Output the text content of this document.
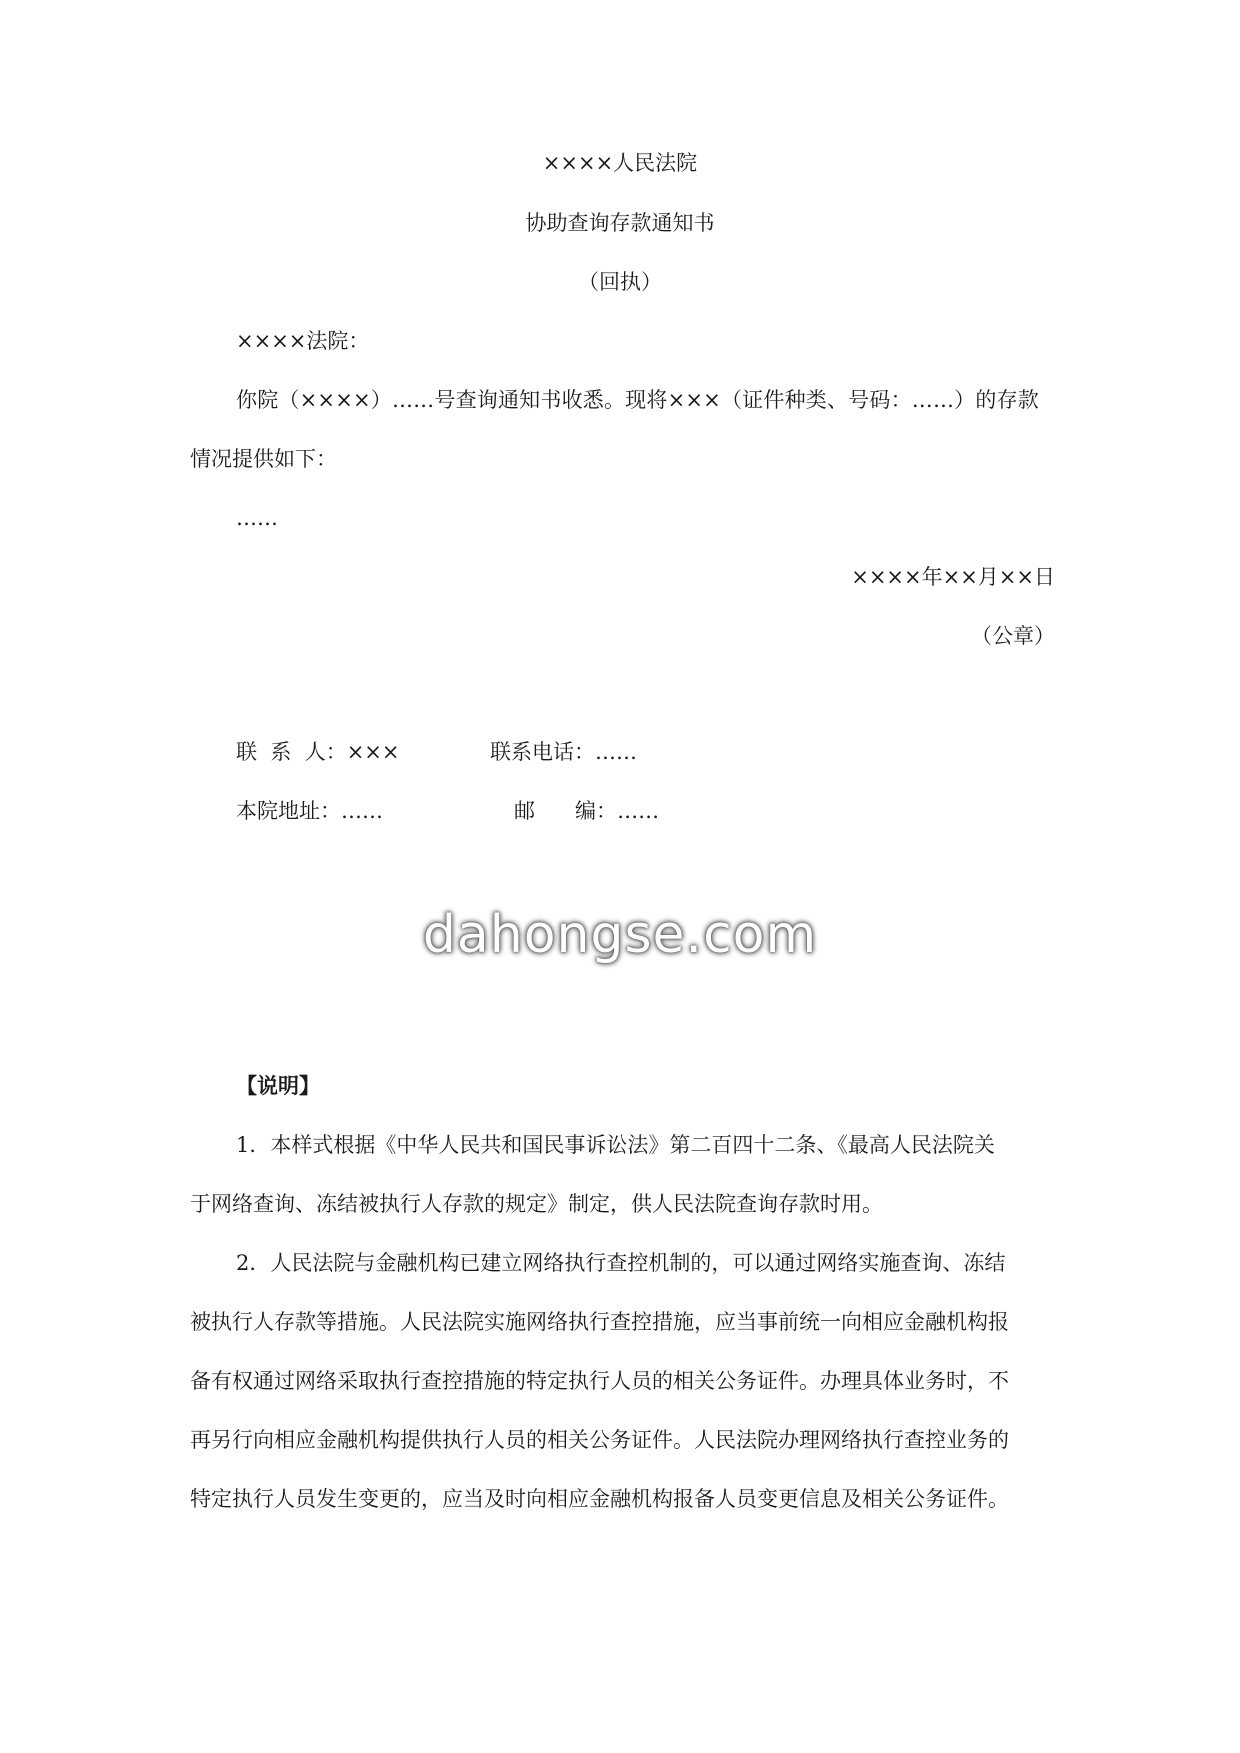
××××人民法院
协助查询存款通知书
（回执）
××××法院：
你院（××××）……号查询通知书收悉。现将×××（证件种类、号码：……）的存款
情况提供如下：
……
××××年××月××日
（公章）
联  系  人：×××	联系电话：……
本院地址：……	邮      编：……
dahongse.com
【说明】
1．本样式根据《中华人民共和国民事诉讼法》第二百四十二条、《最高人民法院关
于网络查询、冻结被执行人存款的规定》制定，供人民法院查询存款时用。
2．人民法院与金融机构已建立网络执行查控机制的，可以通过网络实施查询、冻结
被执行人存款等措施。人民法院实施网络执行查控措施，应当事前统一向相应金融机构报
备有权通过网络采取执行查控措施的特定执行人员的相关公务证件。办理具体业务时，不
再另行向相应金融机构提供执行人员的相关公务证件。人民法院办理网络执行查控业务的
特定执行人员发生变更的，应当及时向相应金融机构报备人员变更信息及相关公务证件。
